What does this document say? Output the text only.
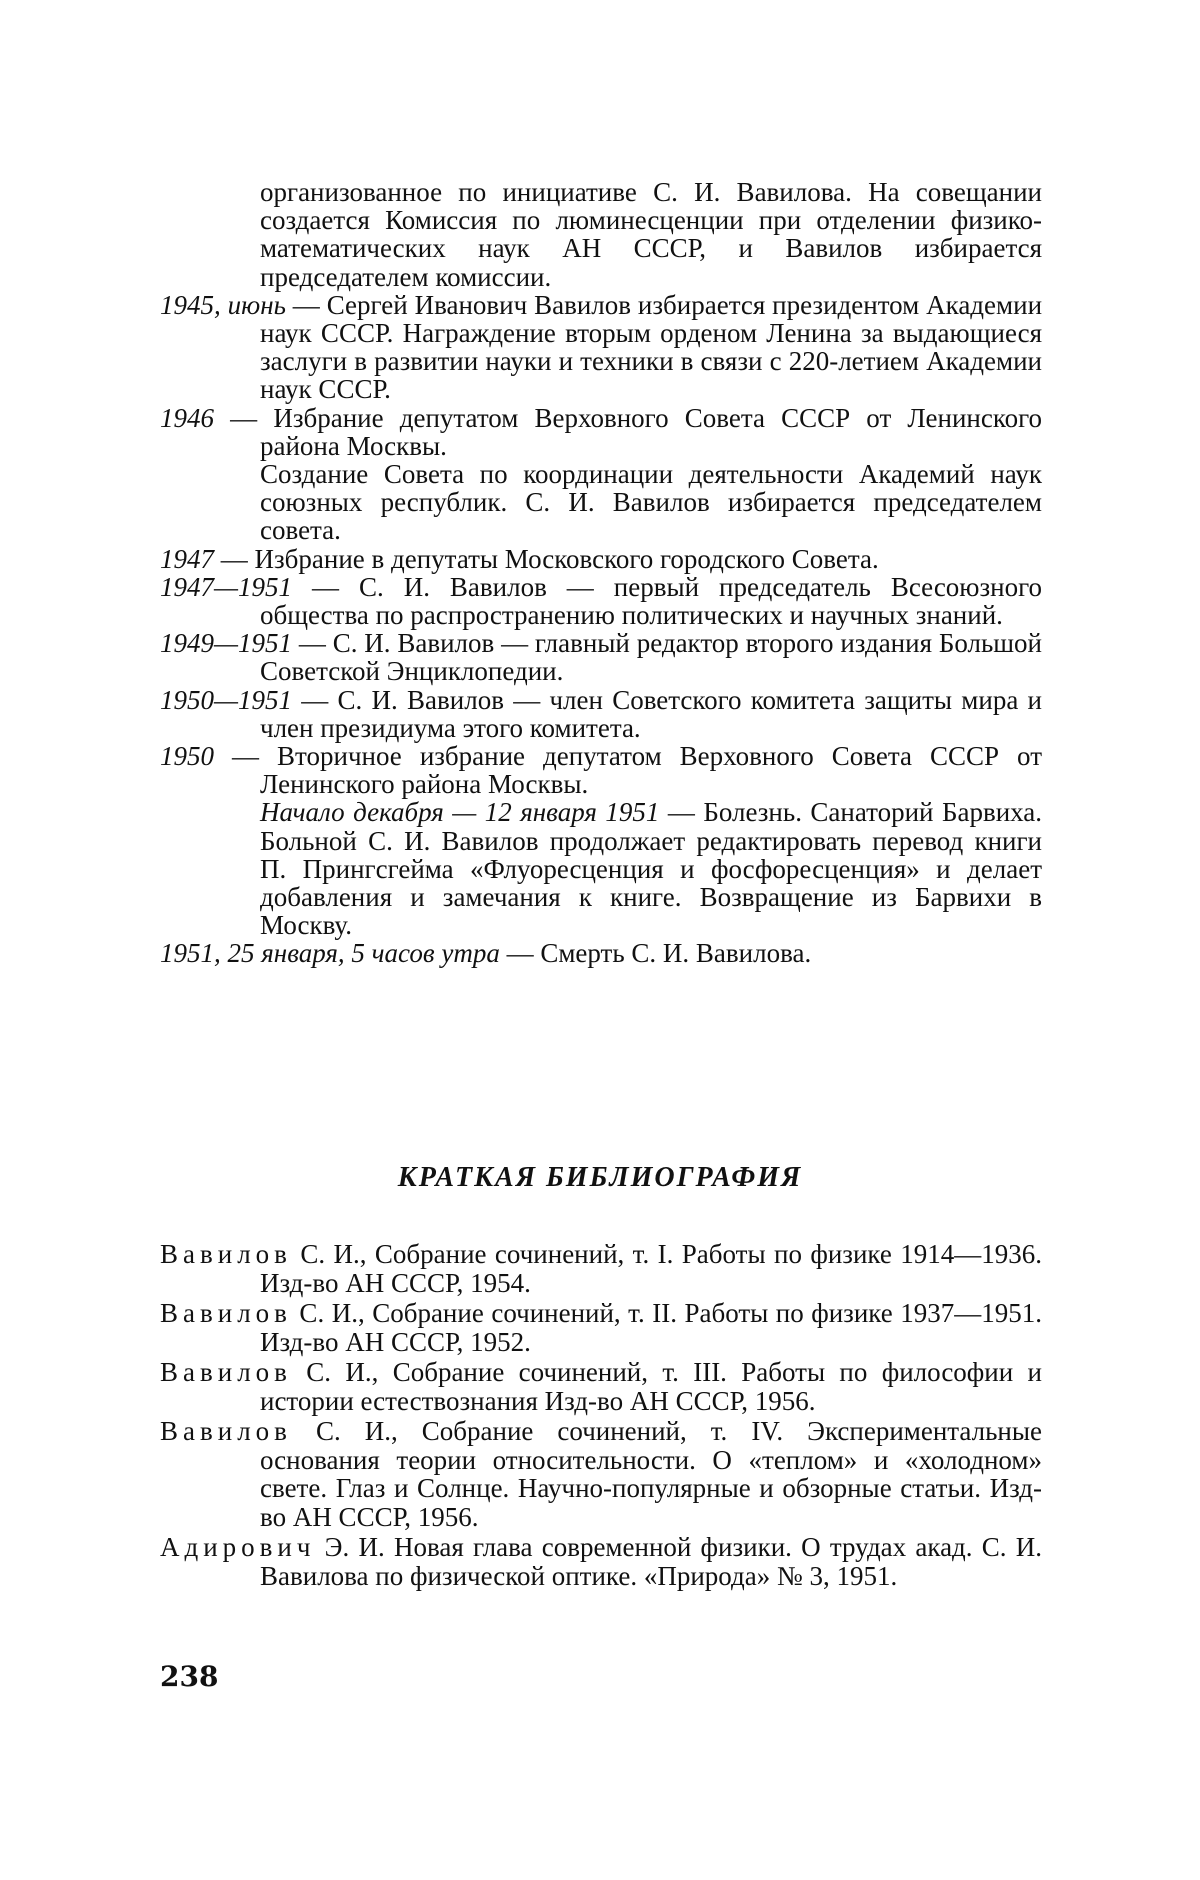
организованное по инициативе С. И. Вавилова. На совещании создается Комиссия по люминесценции при отделении физико-математических наук АН СССР, и Вавилов избирается председателем комиссии.

1945, июнь — Сергей Иванович Вавилов избирается президентом Академии наук СССР. Награждение вторым орденом Ленина за выдающиеся заслуги в развитии науки и техники в связи с 220-летием Академии наук СССР.

1946 — Избрание депутатом Верховного Совета СССР от Ленинского района Москвы.

Создание Совета по координации деятельности Академий наук союзных республик. С. И. Вавилов избирается председателем совета.

1947 — Избрание в депутаты Московского городского Совета.

1947—1951 — С. И. Вавилов — первый председатель Всесоюзного общества по распространению политических и научных знаний.

1949—1951 — С. И. Вавилов — главный редактор второго издания Большой Советской Энциклопедии.

1950—1951 — С. И. Вавилов — член Советского комитета защиты мира и член президиума этого комитета.

1950 — Вторичное избрание депутатом Верховного Совета СССР от Ленинского района Москвы.

Начало декабря — 12 января 1951 — Болезнь. Санаторий Барвиха. Больной С. И. Вавилов продолжает редактировать перевод книги П. Прингсгейма «Флуоресценция и фосфоресценция» и делает добавления и замечания к книге. Возвращение из Барвихи в Москву.

1951, 25 января, 5 часов утра — Смерть С. И. Вавилова.

КРАТКАЯ БИБЛИОГРАФИЯ

Вавилов С. И., Собрание сочинений, т. I. Работы по физике 1914—1936. Изд-во АН СССР, 1954.

Вавилов С. И., Собрание сочинений, т. II. Работы по физике 1937—1951. Изд-во АН СССР, 1952.

Вавилов С. И., Собрание сочинений, т. III. Работы по философии и истории естествознания Изд-во АН СССР, 1956.

Вавилов С. И., Собрание сочинений, т. IV. Экспериментальные основания теории относительности. О «теплом» и «холодном» свете. Глаз и Солнце. Научно-популярные и обзорные статьи. Изд-во АН СССР, 1956.

Адирович Э. И. Новая глава современной физики. О трудах акад. С. И. Вавилова по физической оптике. «Природа» № 3, 1951.

238
